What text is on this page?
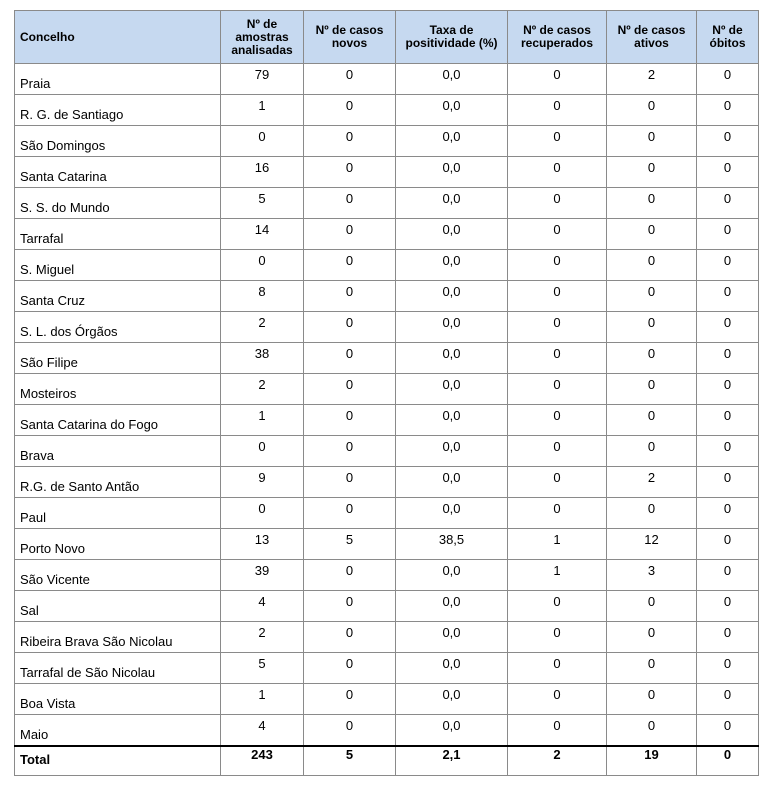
Concelho	Nº de amostras analisadas	Nº de casos novos	Taxa de positividade (%)	Nº de casos recuperados	Nº de casos ativos	Nº de óbitos

Praia	79	0	0,0	0	2	0

R. G. de Santiago	1	0	0,0	0	0	0

São Domingos	0	0	0,0	0	0	0

Santa Catarina	16	0	0,0	0	0	0

S. S. do Mundo	5	0	0,0	0	0	0

Tarrafal	14	0	0,0	0	0	0

S. Miguel	0	0	0,0	0	0	0

Santa Cruz	8	0	0,0	0	0	0

S. L. dos Órgãos	2	0	0,0	0	0	0

São Filipe	38	0	0,0	0	0	0

Mosteiros	2	0	0,0	0	0	0

Santa Catarina do Fogo	1	0	0,0	0	0	0

Brava	0	0	0,0	0	0	0

R.G. de Santo Antão	9	0	0,0	0	2	0

Paul	0	0	0,0	0	0	0

Porto Novo	13	5	38,5	1	12	0

São Vicente	39	0	0,0	1	3	0

Sal	4	0	0,0	0	0	0

Ribeira Brava São Nicolau	2	0	0,0	0	0	0

Tarrafal de São Nicolau	5	0	0,0	0	0	0

Boa Vista	1	0	0,0	0	0	0

Maio	4	0	0,0	0	0	0

Total	243	5	2,1	2	19	0
